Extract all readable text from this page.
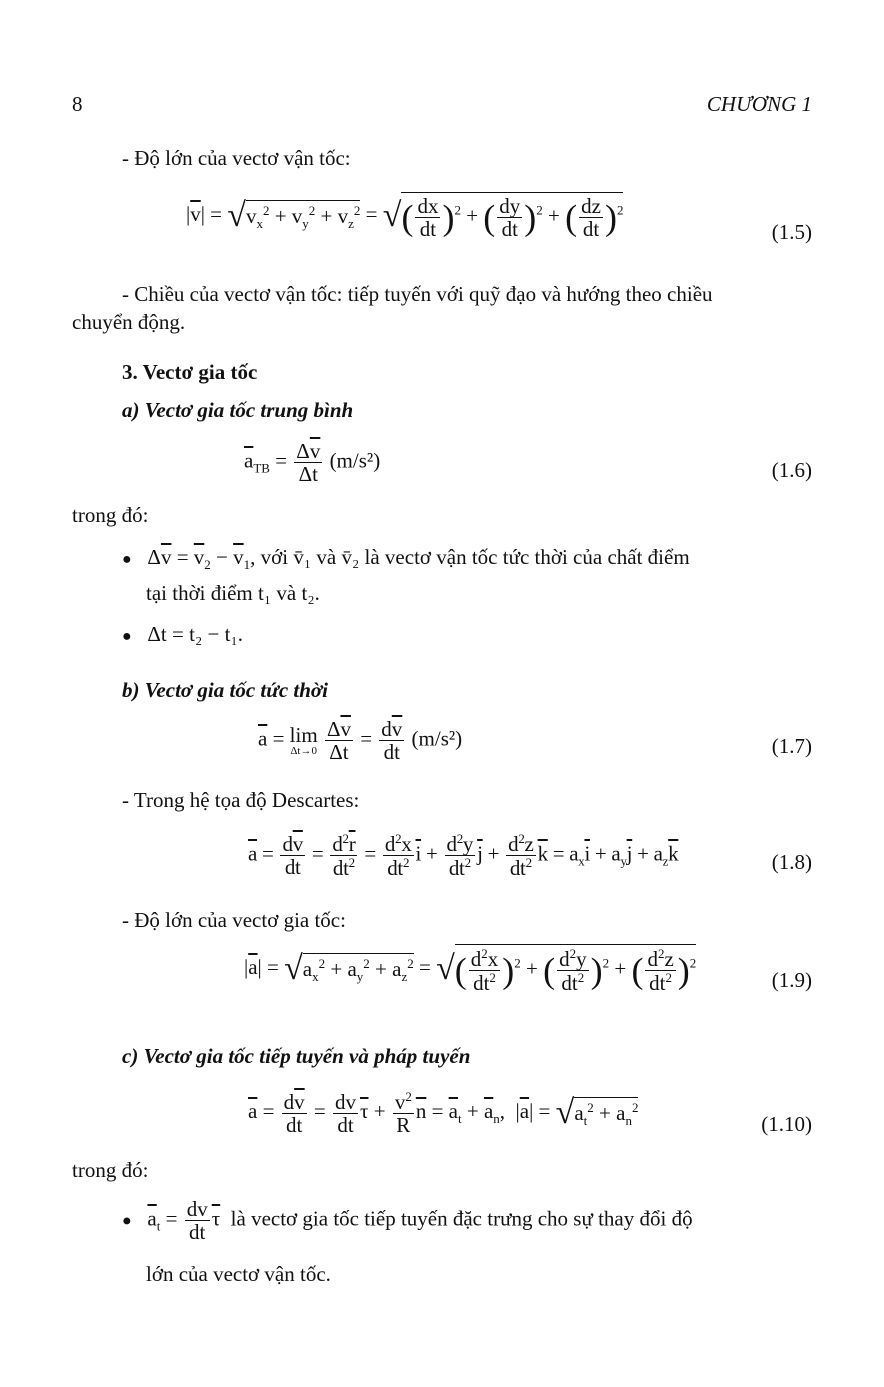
8	CHƯƠNG 1
- Độ lớn của vectơ vận tốc:
$|\overline{v}| = √v_x^2 + v_y^2 + v_z^2$ = √( $\frac{dx}{dt} )^2$ + ( $\frac{dy}{dt} )^2$ + ( $\frac{dz}{dt} )^2$
(1.5)
- Chiều của vectơ vận tốc: tiếp tuyến với quỹ đạo và hướng theo chiều
chuyển động.
3. Vectơ gia tốc
a) Vectơ gia tốc trung bình
$\overline{a}_{TB} = \frac{\Delta\overline{v}}{\Delta t} (m/s^2)$	(1.6)
trong đó:
●   $\Delta\overline{v} = \overline{v}_2 - \overline{v}_1$, với v̄₁ và v̄₂ là vectơ vận tốc tức thời của chất điểm
tại thời điểm t₁ và t₂.
● Δt = t₂ − t₁.
b) Vectơ gia tốc tức thời
$\overline{a} = \lim$
Δt→0
$\frac{\Delta\overline{v}}{\Delta t} = \frac{d\overline{v}}{dt} (m/s^2)$	(1.7)
- Trong hệ tọa độ Descartes:
$\overline{a} = \frac{d\overline{v}}{dt} = \frac{d^2\overline{r}}{dt^2} = \frac{d^2x}{dt^2} \overline{i} + \frac{d^2y}{dt^2} \overline{j} + \frac{d^2z}{dt^2} \overline{k} = a_x\overline{i} + a_y\overline{j} + a_z\overline{k}$	(1.8)
- Độ lớn của vectơ gia tốc:
$|\overline{a}| = √a_x^2 + a_y^2 + a_z^2$ = √( $\frac{d^2x}{dt^2} )^2$ + ( $\frac{d^2y}{dt^2} )^2$ + ( $\frac{d^2z}{dt^2} )^2$
(1.9)
c) Vectơ gia tốc tiếp tuyến và pháp tuyến
$\overline{a} = \frac{d\overline{v}}{dt} = \frac{dv}{dt} \overline{\tau} + \frac{v^2}{R} \overline{n} = \overline{a}_t + \overline{a}_n$,  $|\overline{a}| = √a_t^2 + a_n^2$
(1.10)
trong đó:
● $\overline{a}_t = \frac{dv}{dt} \overline{\tau}$ là vectơ gia tốc tiếp tuyến đặc trưng cho sự thay đổi độ
lớn của vectơ vận tốc.
